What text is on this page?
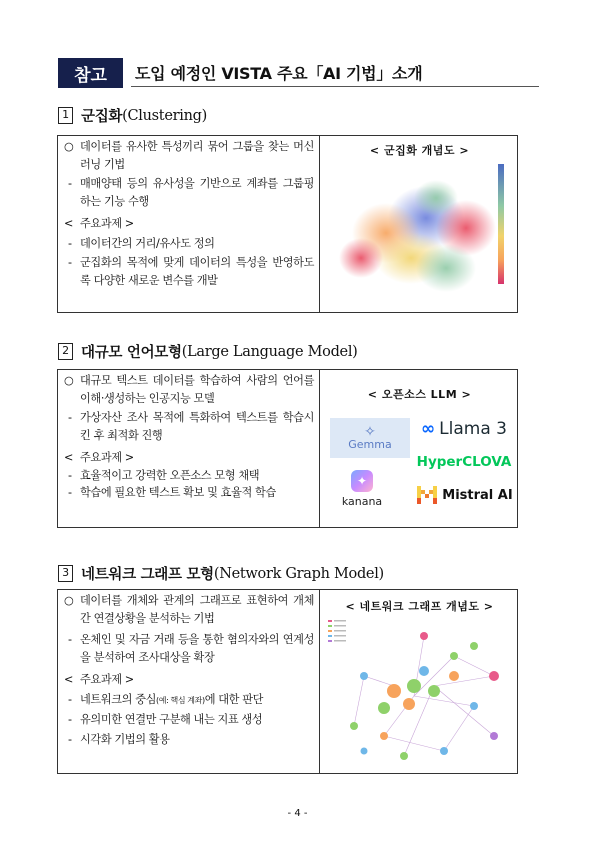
참고	도입 예정인 VISTA 주요「AI 기법」소개
1 군집화 (Clustering)
○ 데이터를 유사한 특성끼리 묶어 그룹을 찾는 머신러닝 기법
- 매매양태 등의 유사성을 기반으로 계좌를 그룹핑하는 기능 수행
< 주요과제 >
- 데이터간의 거리/유사도 정의
- 군집화의 목적에 맞게 데이터의 특성을 반영하도록 다양한 새로운 변수를 개발
< 군집화 개념도 >
2 대규모 언어모형 (Large Language Model)
○ 대규모 텍스트 데이터를 학습하여 사람의 언어를 이해·생성하는 인공지능 모델
- 가상자산 조사 목적에 특화하여 텍스트를 학습시킨 후 최적화 진행
< 주요과제 >
- 효율적이고 강력한 오픈소스 모형 채택
- 학습에 필요한 텍스트 확보 및 효율적 학습
< 오픈소스 LLM >
✧
Gemma
∞ Llama 3
HyperCLOVA
✦
kanana	Mistral AI
3 네트워크 그래프 모형 (Network Graph Model)
○ 데이터를 개체와 관계의 그래프로 표현하여 개체간 연결상황을 분석하는 기법
- 온체인 및 자금 거래 등을 통한 혐의자와의 연계성을 분석하여 조사대상을 확장
< 주요과제 >
- 네트워크의 중심(예: 핵심 계좌)에 대한 판단
- 유의미한 연결만 구분해 내는 지표 생성
- 시각화 기법의 활용
< 네트워크 그래프 개념도 >
- 4 -
